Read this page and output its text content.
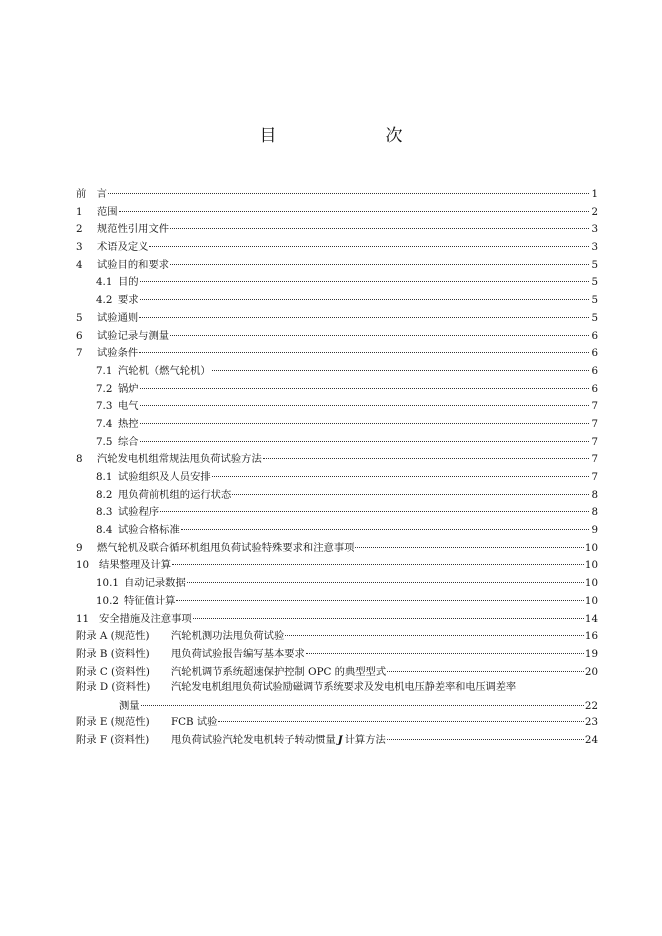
目　次
前　言	1
1	范围	2
2	规范性引用文件	3
3	术语及定义	3
4	试验目的和要求	5
4.1 目的	5
4.2 要求	5
5	试验通则	5
6	试验记录与测量	6
7	试验条件	6
7.1 汽轮机（燃气轮机）	6
7.2 锅炉	6
7.3 电气	7
7.4 热控	7
7.5 综合	7
8	汽轮发电机组常规法甩负荷试验方法	7
8.1 试验组织及人员安排	7
8.2 甩负荷前机组的运行状态	8
8.3 试验程序	8
8.4 试验合格标准	9
9	燃气轮机及联合循环机组甩负荷试验特殊要求和注意事项	10
10 结果整理及计算	10
10.1 自动记录数据	10
10.2 特征值计算	10
11 安全措施及注意事项	14
附录 A (规范性)	汽轮机测功法甩负荷试验	16
附录 B (资料性)	甩负荷试验报告编写基本要求	19
附录 C (资料性)	汽轮机调节系统超速保护控制 OPC 的典型型式	20
附录 D (资料性)	汽轮发电机组甩负荷试验励磁调节系统要求及发电机电压静差率和电压调差率
测量	22
附录 E (规范性)	FCB 试验	23
附录 F (资料性)	甩负荷试验汽轮发电机转子转动惯量 J 计算方法	24
